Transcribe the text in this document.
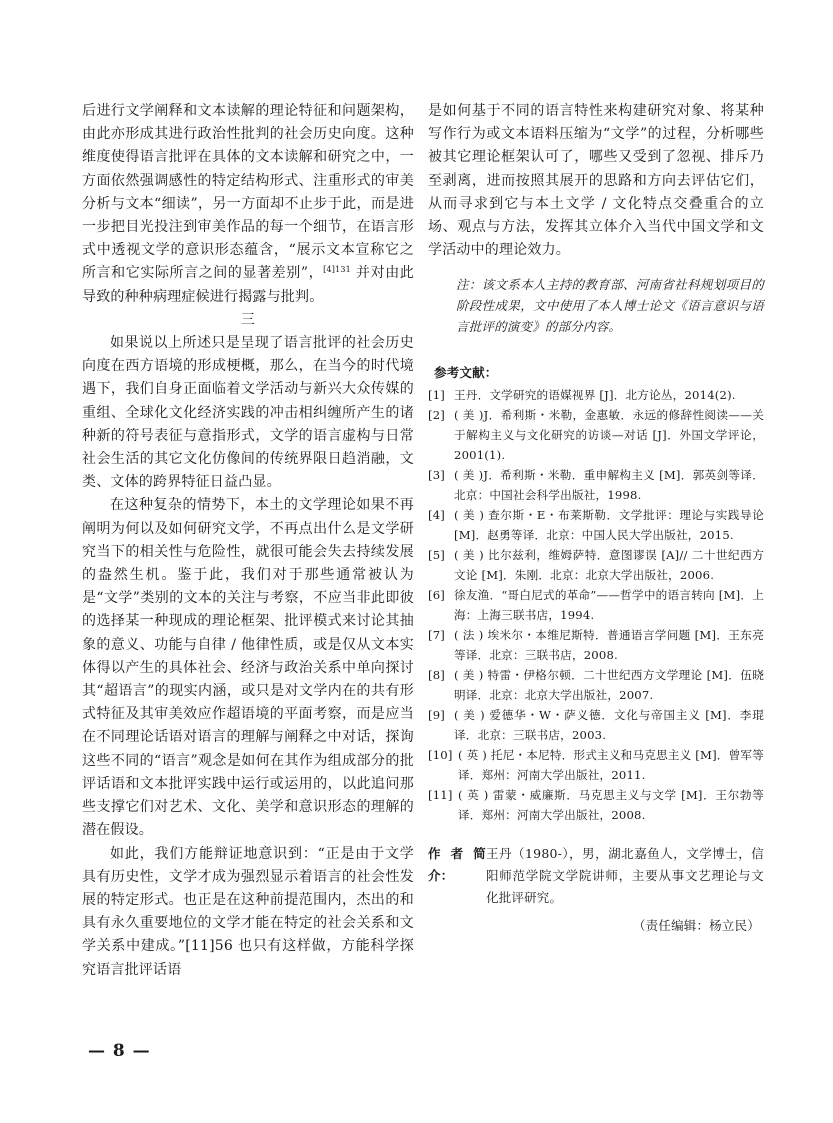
后进行文学阐释和文本读解的理论特征和问题架构，由此亦形成其进行政治性批判的社会历史向度。这种维度使得语言批评在具体的文本读解和研究之中，一方面依然强调感性的特定结构形式、注重形式的审美分析与文本“细读”，另一方面却不止步于此，而是进一步把目光投注到审美作品的每一个细节，在语言形式中透视文学的意识形态蕴含，“展示文本宣称它之所言和它实际所言之间的显著差别”，$^{[4]131}$ 并对由此导致的种种病理症候进行揭露与批判。

三

如果说以上所述只是呈现了语言批评的社会历史向度在西方语境的形成梗概，那么，在当今的时代境遇下，我们自身正面临着文学活动与新兴大众传媒的重组、全球化文化经济实践的冲击相纠缠所产生的诸种新的符号表征与意指形式，文学的语言虚构与日常社会生活的其它文化仿像间的传统界限日趋消融，文类、文体的跨界特征日益凸显。

在这种复杂的情势下，本土的文学理论如果不再阐明为何以及如何研究文学，不再点出什么是文学研究当下的相关性与危险性，就很可能会失去持续发展的盎然生机。鉴于此，我们对于那些通常被认为是“文学”类别的文本的关注与考察，不应当非此即彼的选择某一种现成的理论框架、批评模式来讨论其抽象的意义、功能与自律 / 他律性质，或是仅从文本实体得以产生的具体社会、经济与政治关系中单向探讨其“超语言”的现实内涵，或只是对文学内在的共有形式特征及其审美效应作超语境的平面考察，而是应当在不同理论话语对语言的理解与阐释之中对话，探询这些不同的“语言”观念是如何在其作为组成部分的批评话语和文本批评实践中运行或运用的，以此追问那些支撑它们对艺术、文化、美学和意识形态的理解的潜在假设。

如此，我们方能辩证地意识到：“正是由于文学具有历史性，文学才成为强烈显示着语言的社会性发展的特定形式。也正是在这种前提范围内，杰出的和具有永久重要地位的文学才能在特定的社会关系和文学关系中建成。”[11]56 也只有这样做，方能科学探究语言批评话语

是如何基于不同的语言特性来构建研究对象、将某种写作行为或文本语料压缩为“文学”的过程，分析哪些被其它理论框架认可了，哪些又受到了忽视、排斥乃至剥离，进而按照其展开的思路和方向去评估它们，从而寻求到它与本土文学 / 文化特点交叠重合的立场、观点与方法，发挥其立体介入当代中国文学和文学活动中的理论效力。

注：该文系本人主持的教育部、河南省社科规划项目的阶段性成果，文中使用了本人博士论文《语言意识与语言批评的演变》的部分内容。

参考文献：
[1] 王丹．文学研究的语媒视界 [J]．北方论丛，2014(2).
[2] ( 美 )J．希利斯・米勒，金惠敏．永远的修辞性阅读——关于解构主义与文化研究的访谈—对话 [J]．外国文学评论，2001(1).
[3] ( 美 )J．希利斯・米勒．重申解构主义 [M]．郭英剑等译．北京：中国社会科学出版社，1998.
[4] ( 美 ) 查尔斯・E・布莱斯勒．文学批评：理论与实践导论 [M]．赵勇等译．北京：中国人民大学出版社，2015.
[5] ( 美 ) 比尔兹利，维姆萨特．意图谬误 [A]// 二十世纪西方文论 [M]．朱刚．北京：北京大学出版社，2006.
[6] 徐友渔．“哥白尼式的革命”——哲学中的语言转向 [M]．上海：上海三联书店，1994.
[7] ( 法 ) 埃米尔・本维尼斯特．普通语言学问题 [M]．王东亮等译．北京：三联书店，2008.
[8] ( 美 ) 特雷・伊格尔顿．二十世纪西方文学理论 [M]．伍晓明译．北京：北京大学出版社，2007.
[9] ( 美 ) 爱德华・W・萨义德．文化与帝国主义 [M]．李琨译．北京：三联书店，2003.
[10] ( 英 ) 托尼・本尼特．形式主义和马克思主义 [M]．曾军等译．郑州：河南大学出版社，2011.
[11] ( 英 ) 雷蒙・威廉斯．马克思主义与文学 [M]．王尔勃等译．郑州：河南大学出版社，2008.
作者简介：
王丹（1980-），男，湖北嘉鱼人，文学博士，信阳师范学院文学院讲师，主要从事文艺理论与文化批评研究。
（责任编辑：杨立民）
— 8 —
